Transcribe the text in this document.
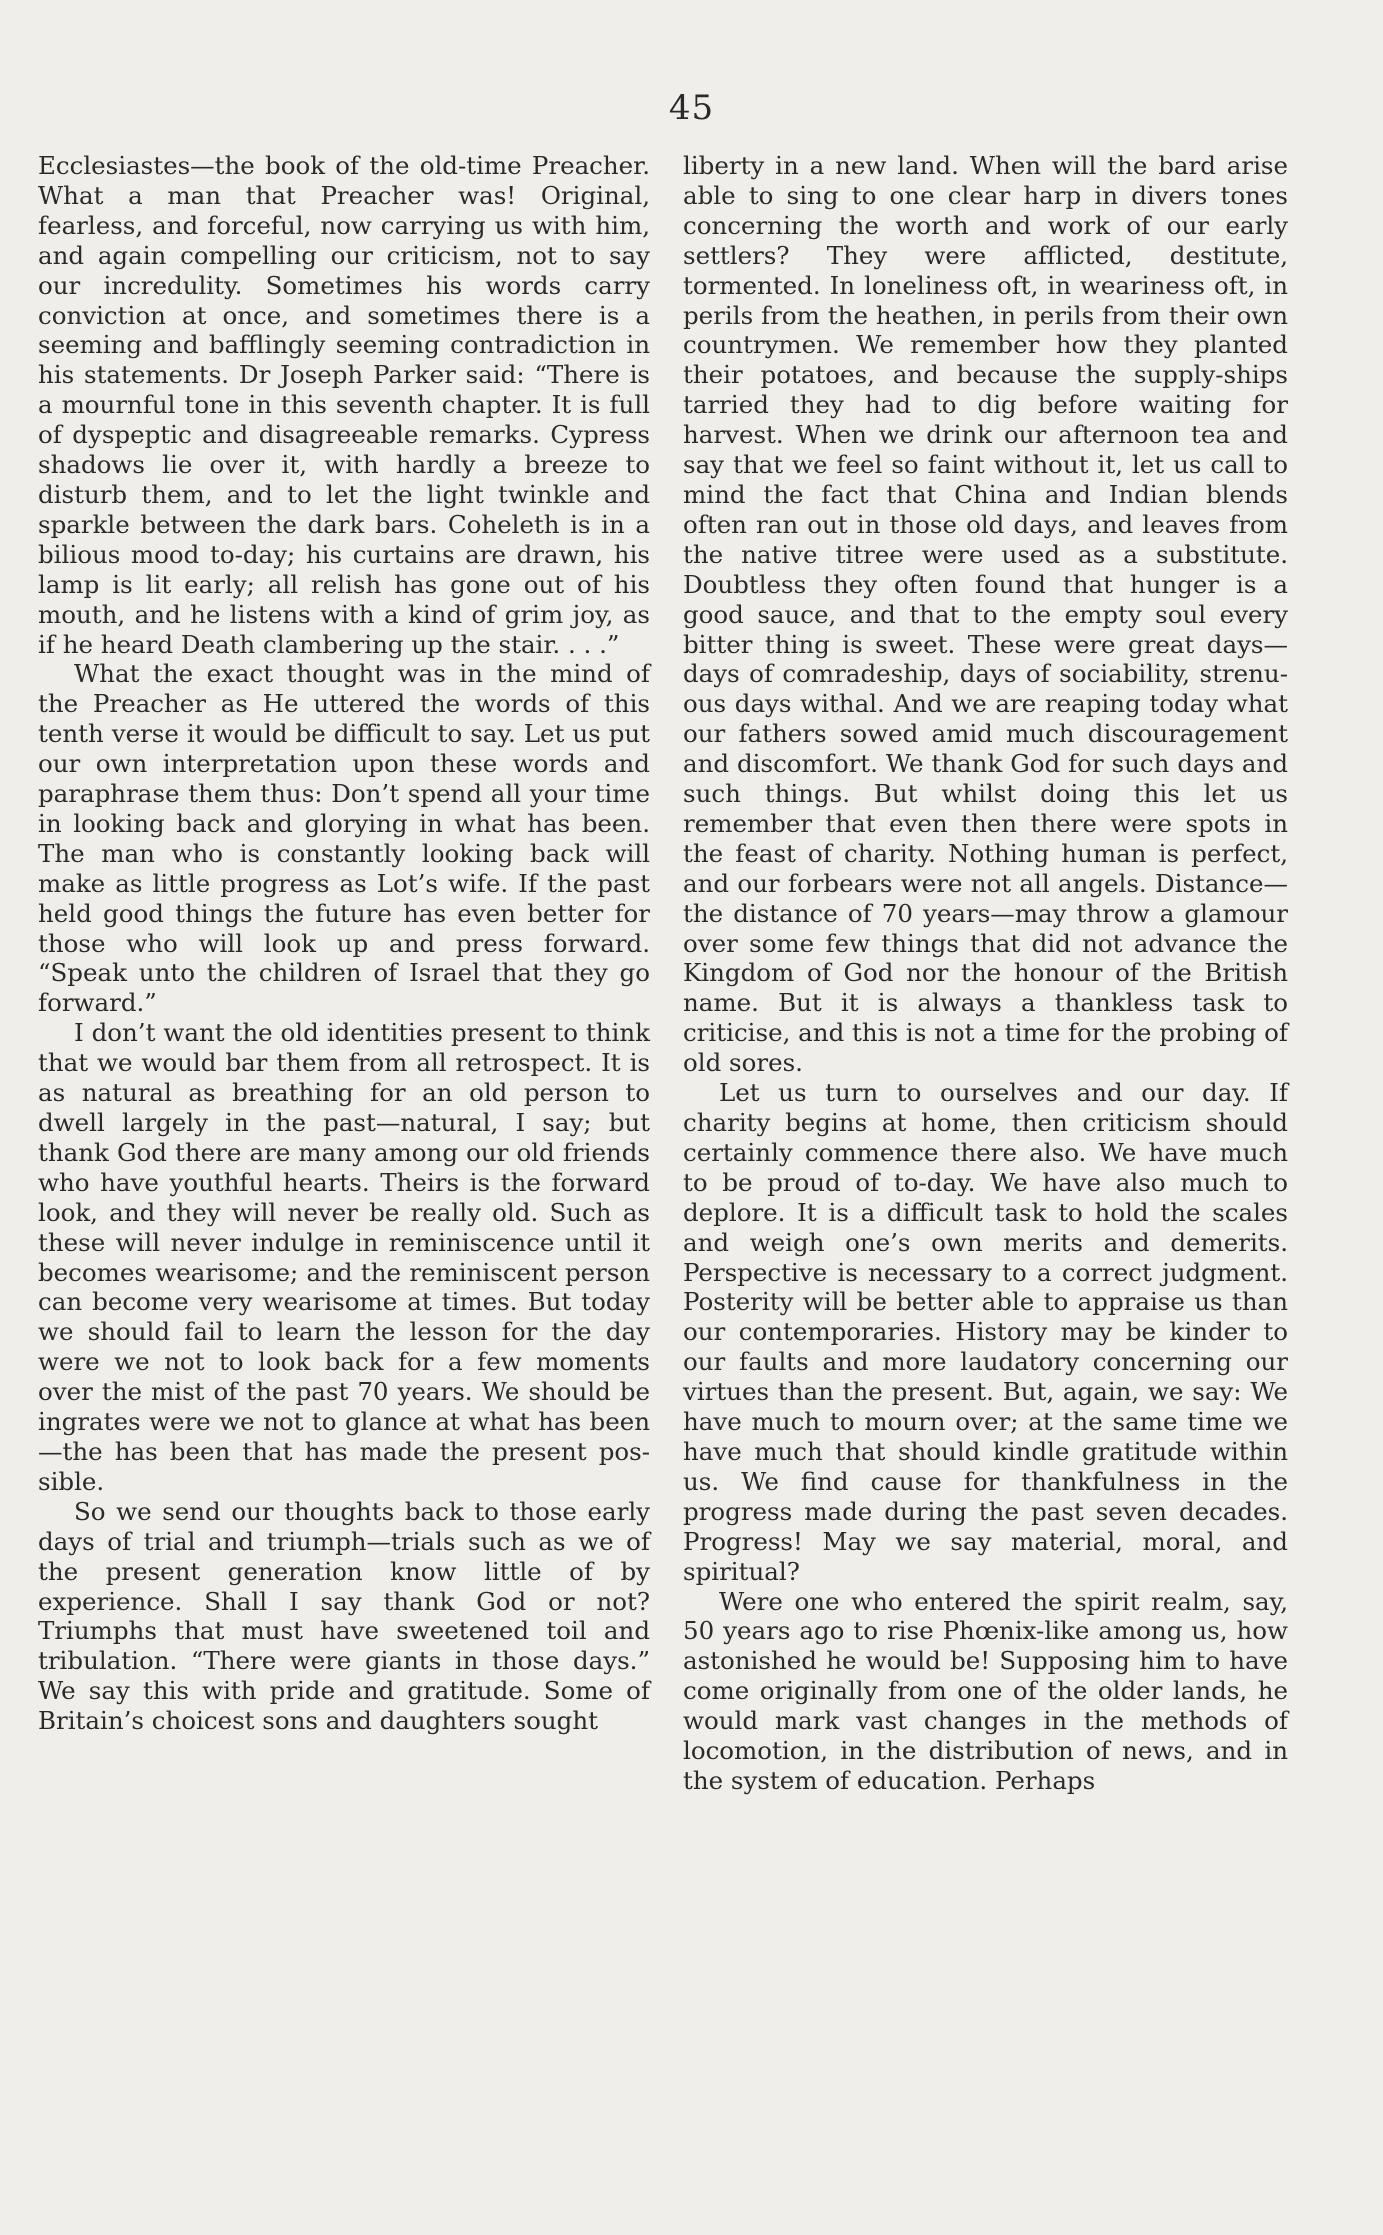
45

Ecclesiastes—the book of the old-time Preacher. What a man that Preacher was! Original, fearless, and forceful, now carrying us with him, and again compelling our criticism, not to say our incredulity. Sometimes his words carry conviction at once, and sometimes there is a seeming and bafflingly seeming contradiction in his statements. Dr Joseph Parker said: “There is a mournful tone in this seventh chapter. It is full of dyspeptic and disagreeable remarks. Cypress shadows lie over it, with hardly a breeze to disturb them, and to let the light twinkle and sparkle between the dark bars. Coheleth is in a bilious mood to-day; his curtains are drawn, his lamp is lit early; all relish has gone out of his mouth, and he listens with a kind of grim joy, as if he heard Death clambering up the stair. . . .”

What the exact thought was in the mind of the Preacher as He uttered the words of this tenth verse it would be difficult to say. Let us put our own interpretation upon these words and paraphrase them thus: Don’t spend all your time in looking back and glorying in what has been. The man who is constantly looking back will make as little progress as Lot’s wife. If the past held good things the future has even better for those who will look up and press forward. “Speak unto the children of Israel that they go forward.”

I don’t want the old identities present to think that we would bar them from all retrospect. It is as natural as breathing for an old person to dwell largely in the past—natural, I say; but thank God there are many among our old friends who have youthful hearts. Theirs is the forward look, and they will never be really old. Such as these will never indulge in reminiscence until it becomes wearisome; and the reminiscent person can become very wearisome at times. But today we should fail to learn the lesson for the day were we not to look back for a few moments over the mist of the past 70 years. We should be ingrates were we not to glance at what has been—the has been that has made the present possible.

So we send our thoughts back to those early days of trial and triumph—trials such as we of the present generation know little of by experience. Shall I say thank God or not? Triumphs that must have sweetened toil and tribulation. “There were giants in those days.” We say this with pride and gratitude. Some of Britain’s choicest sons and daughters sought

liberty in a new land. When will the bard arise able to sing to one clear harp in divers tones concerning the worth and work of our early settlers? They were afflicted, destitute, tormented. In loneliness oft, in weariness oft, in perils from the heathen, in perils from their own countrymen. We remember how they planted their potatoes, and because the supply-ships tarried they had to dig before waiting for harvest. When we drink our afternoon tea and say that we feel so faint without it, let us call to mind the fact that China and Indian blends often ran out in those old days, and leaves from the native titree were used as a substitute. Doubtless they often found that hunger is a good sauce, and that to the empty soul every bitter thing is sweet. These were great days—days of comradeship, days of sociability, strenuous days withal. And we are reaping today what our fathers sowed amid much discouragement and discomfort. We thank God for such days and such things. But whilst doing this let us remember that even then there were spots in the feast of charity. Nothing human is perfect, and our forbears were not all angels. Distance—the distance of 70 years—may throw a glamour over some few things that did not advance the Kingdom of God nor the honour of the British name. But it is always a thankless task to criticise, and this is not a time for the probing of old sores.

Let us turn to ourselves and our day. If charity begins at home, then criticism should certainly commence there also. We have much to be proud of to-day. We have also much to deplore. It is a difficult task to hold the scales and weigh one’s own merits and demerits. Perspective is necessary to a correct judgment. Posterity will be better able to appraise us than our contemporaries. History may be kinder to our faults and more laudatory concerning our virtues than the present. But, again, we say: We have much to mourn over; at the same time we have much that should kindle gratitude within us. We find cause for thankfulness in the progress made during the past seven decades. Progress! May we say material, moral, and spiritual?

Were one who entered the spirit realm, say, 50 years ago to rise Phœnix-like among us, how astonished he would be! Supposing him to have come originally from one of the older lands, he would mark vast changes in the methods of locomotion, in the distribution of news, and in the system of education. Perhaps
